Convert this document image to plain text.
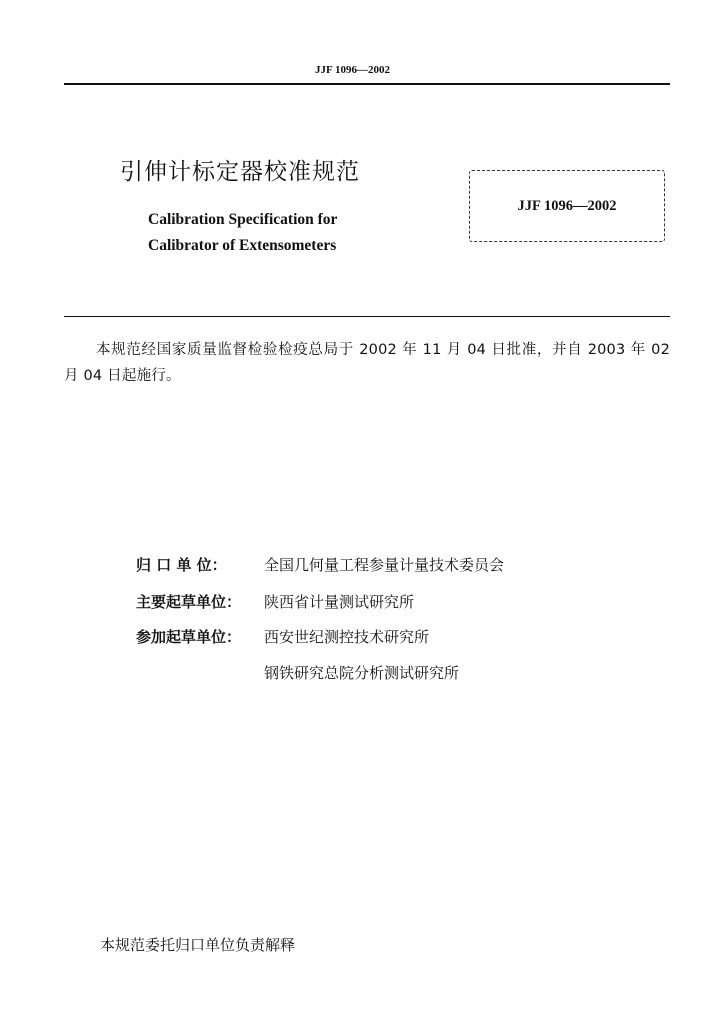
JJF 1096—2002
引伸计标定器校准规范
Calibration Specification for
Calibrator of Extensometers
JJF 1096—2002
本规范经国家质量监督检验检疫总局于 2002 年 11 月 04 日批准，并自 2003 年 02 月 04 日起施行。
归 口 单 位： 全国几何量工程参量计量技术委员会
主要起草单位： 陕西省计量测试研究所
参加起草单位： 西安世纪测控技术研究所
钢铁研究总院分析测试研究所
本规范委托归口单位负责解释
